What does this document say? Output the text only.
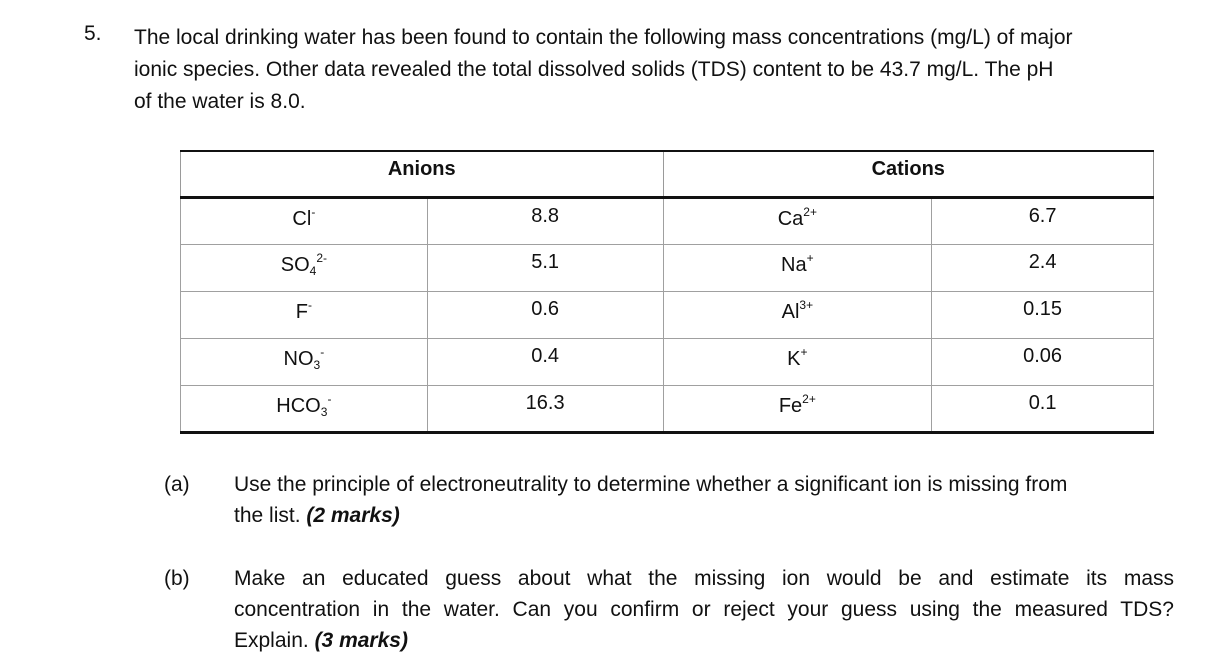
5. The local drinking water has been found to contain the following mass concentrations (mg/L) of major
ionic species. Other data revealed the total dissolved solids (TDS) content to be 43.7 mg/L. The pH
of the water is 8.0.
Anions		Cations	
Cl-	8.8	$Ca^{2+}$	6.7
$SO_4^{2-}$	5.1	Na+	2.4
F-	0.6	$Al^{3+}$	0.15
$NO_3^-$	0.4	K+	0.06
$HCO_3^-$	16.3	$Fe^{2+}$	0.1
(a) Use the principle of electroneutrality to determine whether a significant ion is missing from
the list. (2 marks)
(b) Make an educated guess about what the missing ion would be and estimate its mass
concentration in the water. Can you confirm or reject your guess using the measured TDS?
Explain. (3 marks)
